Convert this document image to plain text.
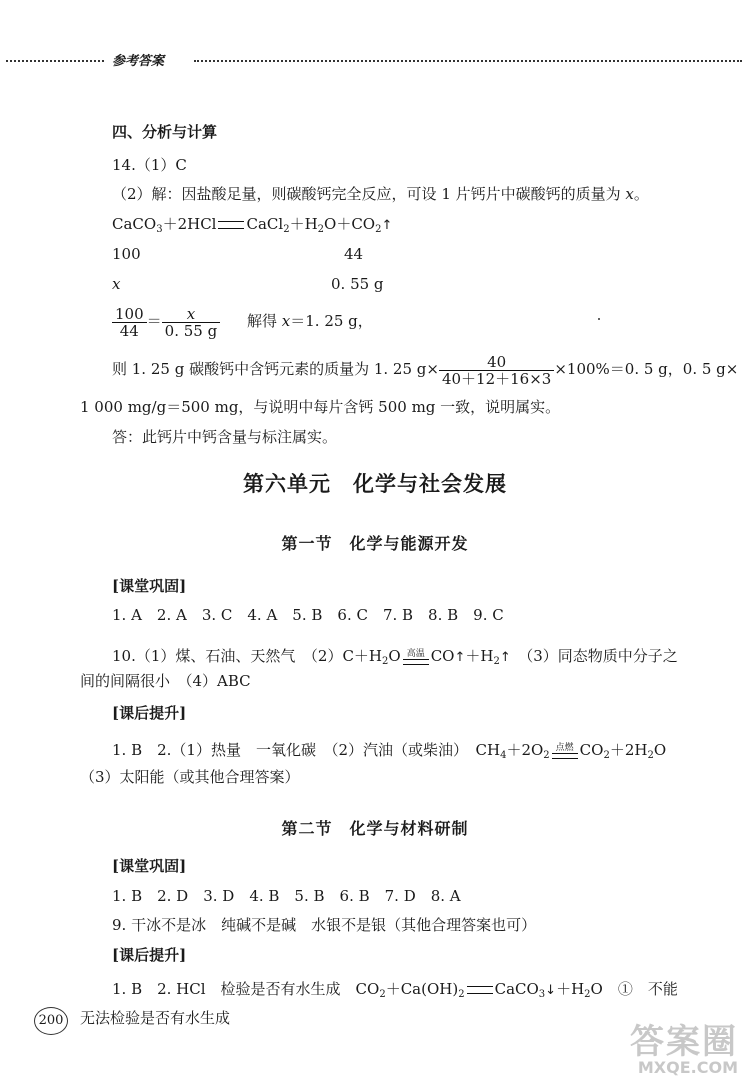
参考答案
四、分析与计算
14.（1）C
（2）解：因盐酸足量，则碳酸钙完全反应，可设 1 片钙片中碳酸钙的质量为 x。
CaCO$_3$＋2HCl $CaCl_2+H_2O+CO_2↑$
100	44
x	0. 55 g
$\frac{100}{44} = \frac{x}{0. 55 g}$ 解得 x＝1. 25 g，
则 1. 25 g 碳酸钙中含钙元素的质量为 1. 25 $g\times \frac{40}{40+12+16\times 3} \times 100\%=0$. 5 g，0. 5 g×
1 000 mg/g＝500 mg，与说明中每片含钙 500 mg 一致，说明属实。
答：此钙片中钙含量与标注属实。
第六单元　化学与社会发展
第一节　化学与能源开发
[课堂巩固]
1. A　2. A　3. C　4. A　5. B　6. C　7. B　8. B　9. C
10.（1）煤、石油、天然气　$(2)C+H_2O$ 高温 $CO↑+H_2↑$　（3）同态物质中分子之
间的间隔很小　（4）ABC
[课后提升]
1. B　2.（1）热量　一氧化碳　（2）汽油（或柴油）　$CH_4+2O_2$
点燃 $CO_2+2H_2O$
（3）太阳能（或其他合理答案）
第二节　化学与材料研制
[课堂巩固]
1. B　2. D　3. D　4. B　5. B　6. B　7. D　8. A
9. 干冰不是冰　纯碱不是碱　水银不是银（其他合理答案也可）
[课后提升]
1. B　2. HCl　检验是否有水生成　$CO_2+Ca(OH)_2$ $CaCO_3↓+H_2O$　①　不能
无法检验是否有水生成
200
答案圈
MXQE.COM
